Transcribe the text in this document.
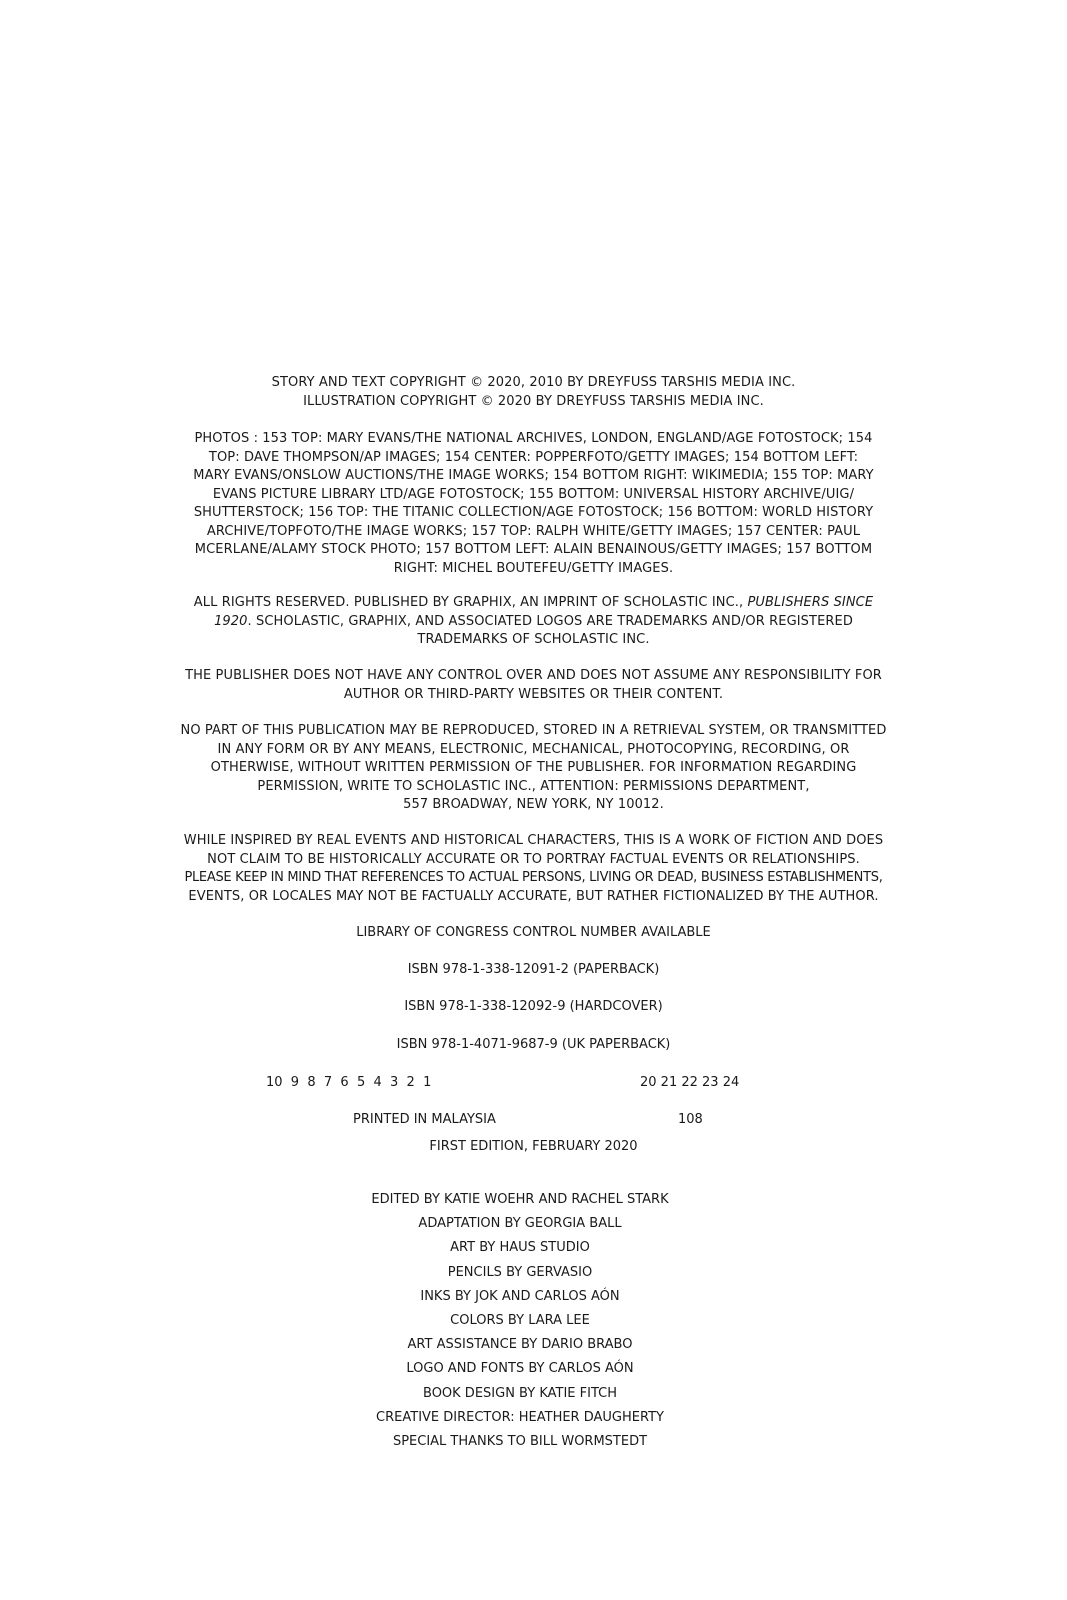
STORY AND TEXT COPYRIGHT © 2020, 2010 BY DREYFUSS TARSHIS MEDIA INC.
ILLUSTRATION COPYRIGHT © 2020 BY DREYFUSS TARSHIS MEDIA INC.
PHOTOS : 153 TOP: MARY EVANS/THE NATIONAL ARCHIVES, LONDON, ENGLAND/AGE FOTOSTOCK; 154
TOP: DAVE THOMPSON/AP IMAGES; 154 CENTER: POPPERFOTO/GETTY IMAGES; 154 BOTTOM LEFT:
MARY EVANS/ONSLOW AUCTIONS/THE IMAGE WORKS; 154 BOTTOM RIGHT: WIKIMEDIA; 155 TOP: MARY
EVANS PICTURE LIBRARY LTD/AGE FOTOSTOCK; 155 BOTTOM: UNIVERSAL HISTORY ARCHIVE/UIG/
SHUTTERSTOCK; 156 TOP: THE TITANIC COLLECTION/AGE FOTOSTOCK; 156 BOTTOM: WORLD HISTORY
ARCHIVE/TOPFOTO/THE IMAGE WORKS; 157 TOP: RALPH WHITE/GETTY IMAGES; 157 CENTER: PAUL
MCERLANE/ALAMY STOCK PHOTO; 157 BOTTOM LEFT: ALAIN BENAINOUS/GETTY IMAGES; 157 BOTTOM
RIGHT: MICHEL BOUTEFEU/GETTY IMAGES.
ALL RIGHTS RESERVED. PUBLISHED BY GRAPHIX, AN IMPRINT OF SCHOLASTIC INC., PUBLISHERS SINCE
1920. SCHOLASTIC, GRAPHIX, AND ASSOCIATED LOGOS ARE TRADEMARKS AND/OR REGISTERED
TRADEMARKS OF SCHOLASTIC INC.
THE PUBLISHER DOES NOT HAVE ANY CONTROL OVER AND DOES NOT ASSUME ANY RESPONSIBILITY FOR
AUTHOR OR THIRD-PARTY WEBSITES OR THEIR CONTENT.
NO PART OF THIS PUBLICATION MAY BE REPRODUCED, STORED IN A RETRIEVAL SYSTEM, OR TRANSMITTED
IN ANY FORM OR BY ANY MEANS, ELECTRONIC, MECHANICAL, PHOTOCOPYING, RECORDING, OR
OTHERWISE, WITHOUT WRITTEN PERMISSION OF THE PUBLISHER. FOR INFORMATION REGARDING
PERMISSION, WRITE TO SCHOLASTIC INC., ATTENTION: PERMISSIONS DEPARTMENT,
557 BROADWAY, NEW YORK, NY 10012.
WHILE INSPIRED BY REAL EVENTS AND HISTORICAL CHARACTERS, THIS IS A WORK OF FICTION AND DOES
NOT CLAIM TO BE HISTORICALLY ACCURATE OR TO PORTRAY FACTUAL EVENTS OR RELATIONSHIPS.
PLEASE KEEP IN MIND THAT REFERENCES TO ACTUAL PERSONS, LIVING OR DEAD, BUSINESS ESTABLISHMENTS,
EVENTS, OR LOCALES MAY NOT BE FACTUALLY ACCURATE, BUT RATHER FICTIONALIZED BY THE AUTHOR.
LIBRARY OF CONGRESS CONTROL NUMBER AVAILABLE
ISBN 978-1-338-12091-2 (PAPERBACK)
ISBN 978-1-338-12092-9 (HARDCOVER)
ISBN 978-1-4071-9687-9 (UK PAPERBACK)
10  9  8  7  6  5  4  3  2  1	20 21 22 23 24
PRINTED IN MALAYSIA	108
FIRST EDITION, FEBRUARY 2020
EDITED BY KATIE WOEHR AND RACHEL STARK
ADAPTATION BY GEORGIA BALL
ART BY HAUS STUDIO
PENCILS BY GERVASIO
INKS BY JOK AND CARLOS AÓN
COLORS BY LARA LEE
ART ASSISTANCE BY DARIO BRABO
LOGO AND FONTS BY CARLOS AÓN
BOOK DESIGN BY KATIE FITCH
CREATIVE DIRECTOR: HEATHER DAUGHERTY
SPECIAL THANKS TO BILL WORMSTEDT
